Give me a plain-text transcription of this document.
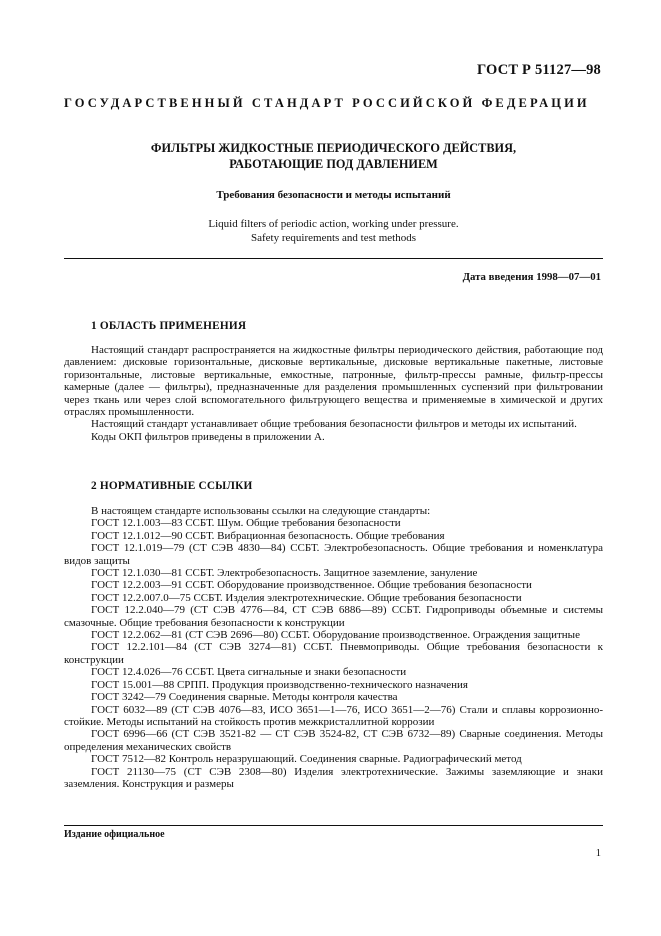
ГОСТ Р 51127—98
ГОСУДАРСТВЕННЫЙ СТАНДАРТ РОССИЙСКОЙ ФЕДЕРАЦИИ
ФИЛЬТРЫ ЖИДКОСТНЫЕ ПЕРИОДИЧЕСКОГО ДЕЙСТВИЯ,
РАБОТАЮЩИЕ ПОД ДАВЛЕНИЕМ
Требования безопасности и методы испытаний
Liquid filters of periodic action, working under pressure.
Safety requirements and test methods
Дата введения 1998—07—01
1 ОБЛАСТЬ ПРИМЕНЕНИЯ

Настоящий стандарт распространяется на жидкостные фильтры периодического действия, работающие под давлением: дисковые горизонтальные, дисковые вертикальные, дисковые вертикальные пакетные, листовые горизонтальные, листовые вертикальные, емкостные, патронные, фильтр-прессы рамные, фильтр-прессы камерные (далее — фильтры), предназначенные для разделения промышленных суспензий при фильтровании через ткань или через слой вспомогательного фильтрующего вещества и применяемые в химической и других отраслях промышленности.

Настоящий стандарт устанавливает общие требования безопасности фильтров и методы их испытаний.

Коды ОКП фильтров приведены в приложении А.

2 НОРМАТИВНЫЕ ССЫЛКИ

В настоящем стандарте использованы ссылки на следующие стандарты:

ГОСТ 12.1.003—83 ССБТ. Шум. Общие требования безопасности

ГОСТ 12.1.012—90 ССБТ. Вибрационная безопасность. Общие требования

ГОСТ 12.1.019—79 (СТ СЭВ 4830—84) ССБТ. Электробезопасность. Общие требования и номенклатура видов защиты

ГОСТ 12.1.030—81 ССБТ. Электробезопасность. Защитное заземление, зануление

ГОСТ 12.2.003—91 ССБТ. Оборудование производственное. Общие требования безопасности

ГОСТ 12.2.007.0—75 ССБТ. Изделия электротехнические. Общие требования безопасности

ГОСТ 12.2.040—79 (СТ СЭВ 4776—84, СТ СЭВ 6886—89) ССБТ. Гидроприводы объемные и системы смазочные. Общие требования безопасности к конструкции

ГОСТ 12.2.062—81 (СТ СЭВ 2696—80) ССБТ. Оборудование производственное. Ограждения защитные

ГОСТ 12.2.101—84 (СТ СЭВ 3274—81) ССБТ. Пневмоприводы. Общие требования безопасности к конструкции

ГОСТ 12.4.026—76 ССБТ. Цвета сигнальные и знаки безопасности

ГОСТ 15.001—88 СРПП. Продукция производственно-технического назначения

ГОСТ 3242—79 Соединения сварные. Методы контроля качества

ГОСТ 6032—89 (СТ СЭВ 4076—83, ИСО 3651—1—76, ИСО 3651—2—76) Стали и сплавы коррозионно-стойкие. Методы испытаний на стойкость против межкристаллитной коррозии

ГОСТ 6996—66 (СТ СЭВ 3521-82 — СТ СЭВ 3524-82, СТ СЭВ 6732—89) Сварные соединения. Методы определения механических свойств

ГОСТ 7512—82 Контроль неразрушающий. Соединения сварные. Радиографический метод

ГОСТ 21130—75 (СТ СЭВ 2308—80) Изделия электротехнические. Зажимы заземляющие и знаки заземления. Конструкция и размеры

Издание официальное
1
